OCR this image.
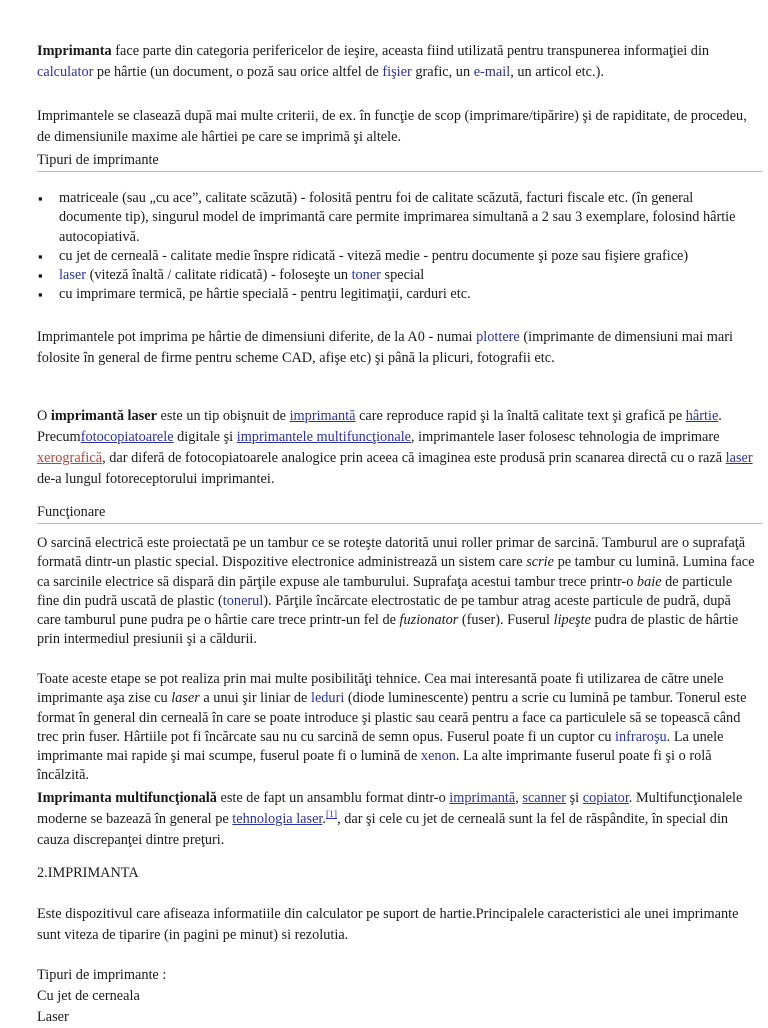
Imprimanta face parte din categoria perifericelor de ieşire, aceasta fiind utilizată pentru transpunerea informaţiei din calculator pe hârtie (un document, o poză sau orice altfel de fişier grafic, un e-mail, un articol etc.).

Imprimantele se clasează după mai multe criterii, de ex. în funcţie de scop (imprimare/tipărire) şi de rapiditate, de procedeu, de dimensiunile maxime ale hârtiei pe care se imprimă şi altele.

Tipuri de imprimante
▪ matriceale (sau „cu ace”, calitate scăzută) - folosită pentru foi de calitate scăzută, facturi fiscale etc. (în general documente tip), singurul model de imprimantă care permite imprimarea simultană a 2 sau 3 exemplare, folosind hârtie autocopiativă.
▪ cu jet de cerneală - calitate medie înspre ridicată - viteză medie - pentru documente şi poze sau fişiere grafice)
▪ laser (viteză înaltă / calitate ridicată) - foloseşte un toner special
▪ cu imprimare termică, pe hârtie specială - pentru legitimaţii, carduri etc.

Imprimantele pot imprima pe hârtie de dimensiuni diferite, de la A0 - numai plottere (imprimante de dimensiuni mai mari folosite în general de firme pentru scheme CAD, afişe etc) şi până la plicuri, fotografii etc.

O imprimantă laser este un tip obişnuit de imprimantă care reproduce rapid şi la înaltă calitate text şi grafică pe hârtie. Precumfotocopiatoarele digitale şi imprimantele multifuncţionale, imprimantele laser folosesc tehnologia de imprimare xerografică, dar diferă de fotocopiatoarele analogice prin aceea că imaginea este produsă prin scanarea directă cu o rază laser de-a lungul fotoreceptorului imprimantei.

Funcţionare

O sarcină electrică este proiectată pe un tambur ce se roteşte datorită unui roller primar de sarcină. Tamburul are o suprafaţă formată dintr-un plastic special. Dispozitive electronice administrează un sistem care scrie pe tambur cu lumină. Lumina face ca sarcinile electrice să dispară din părţile expuse ale tamburului. Suprafaţa acestui tambur trece printr-o baie de particule fine din pudră uscată de plastic (tonerul). Părţile încărcate electrostatic de pe tambur atrag aceste particule de pudră, după care tamburul pune pudra pe o hârtie care trece printr-un fel de fuzionator (fuser). Fuserul lipeşte pudra de plastic de hârtie prin intermediul presiunii şi a căldurii.

Toate aceste etape se pot realiza prin mai multe posibilităţi tehnice. Cea mai interesantă poate fi utilizarea de către unele imprimante aşa zise cu laser a unui şir liniar de leduri (diode luminescente) pentru a scrie cu lumină pe tambur. Tonerul este format în general din cerneală în care se poate introduce şi plastic sau ceară pentru a face ca particulele să se topească când trec prin fuser. Hârtiile pot fi încărcate sau nu cu sarcină de semn opus. Fuserul poate fi un cuptor cu infraroşu. La unele imprimante mai rapide şi mai scumpe, fuserul poate fi o lumină de xenon. La alte imprimante fuserul poate fi şi o rolă încălzită.

Imprimanta multifuncţională este de fapt un ansamblu format dintr-o imprimantă, scanner şi copiator. Multifuncţionalele moderne se bazează în general pe tehnologia laser.[1], dar şi cele cu jet de cerneală sunt la fel de răspândite, în special din cauza discrepanţei dintre preţuri.

2.IMPRIMANTA

Este dispozitivul care afiseaza informatiile din calculator pe suport de hartie.Principalele caracteristici ale unei imprimante sunt viteza de tiparire (in pagini pe minut) si rezolutia.

Tipuri de imprimante :
Cu jet de cerneala
Laser
